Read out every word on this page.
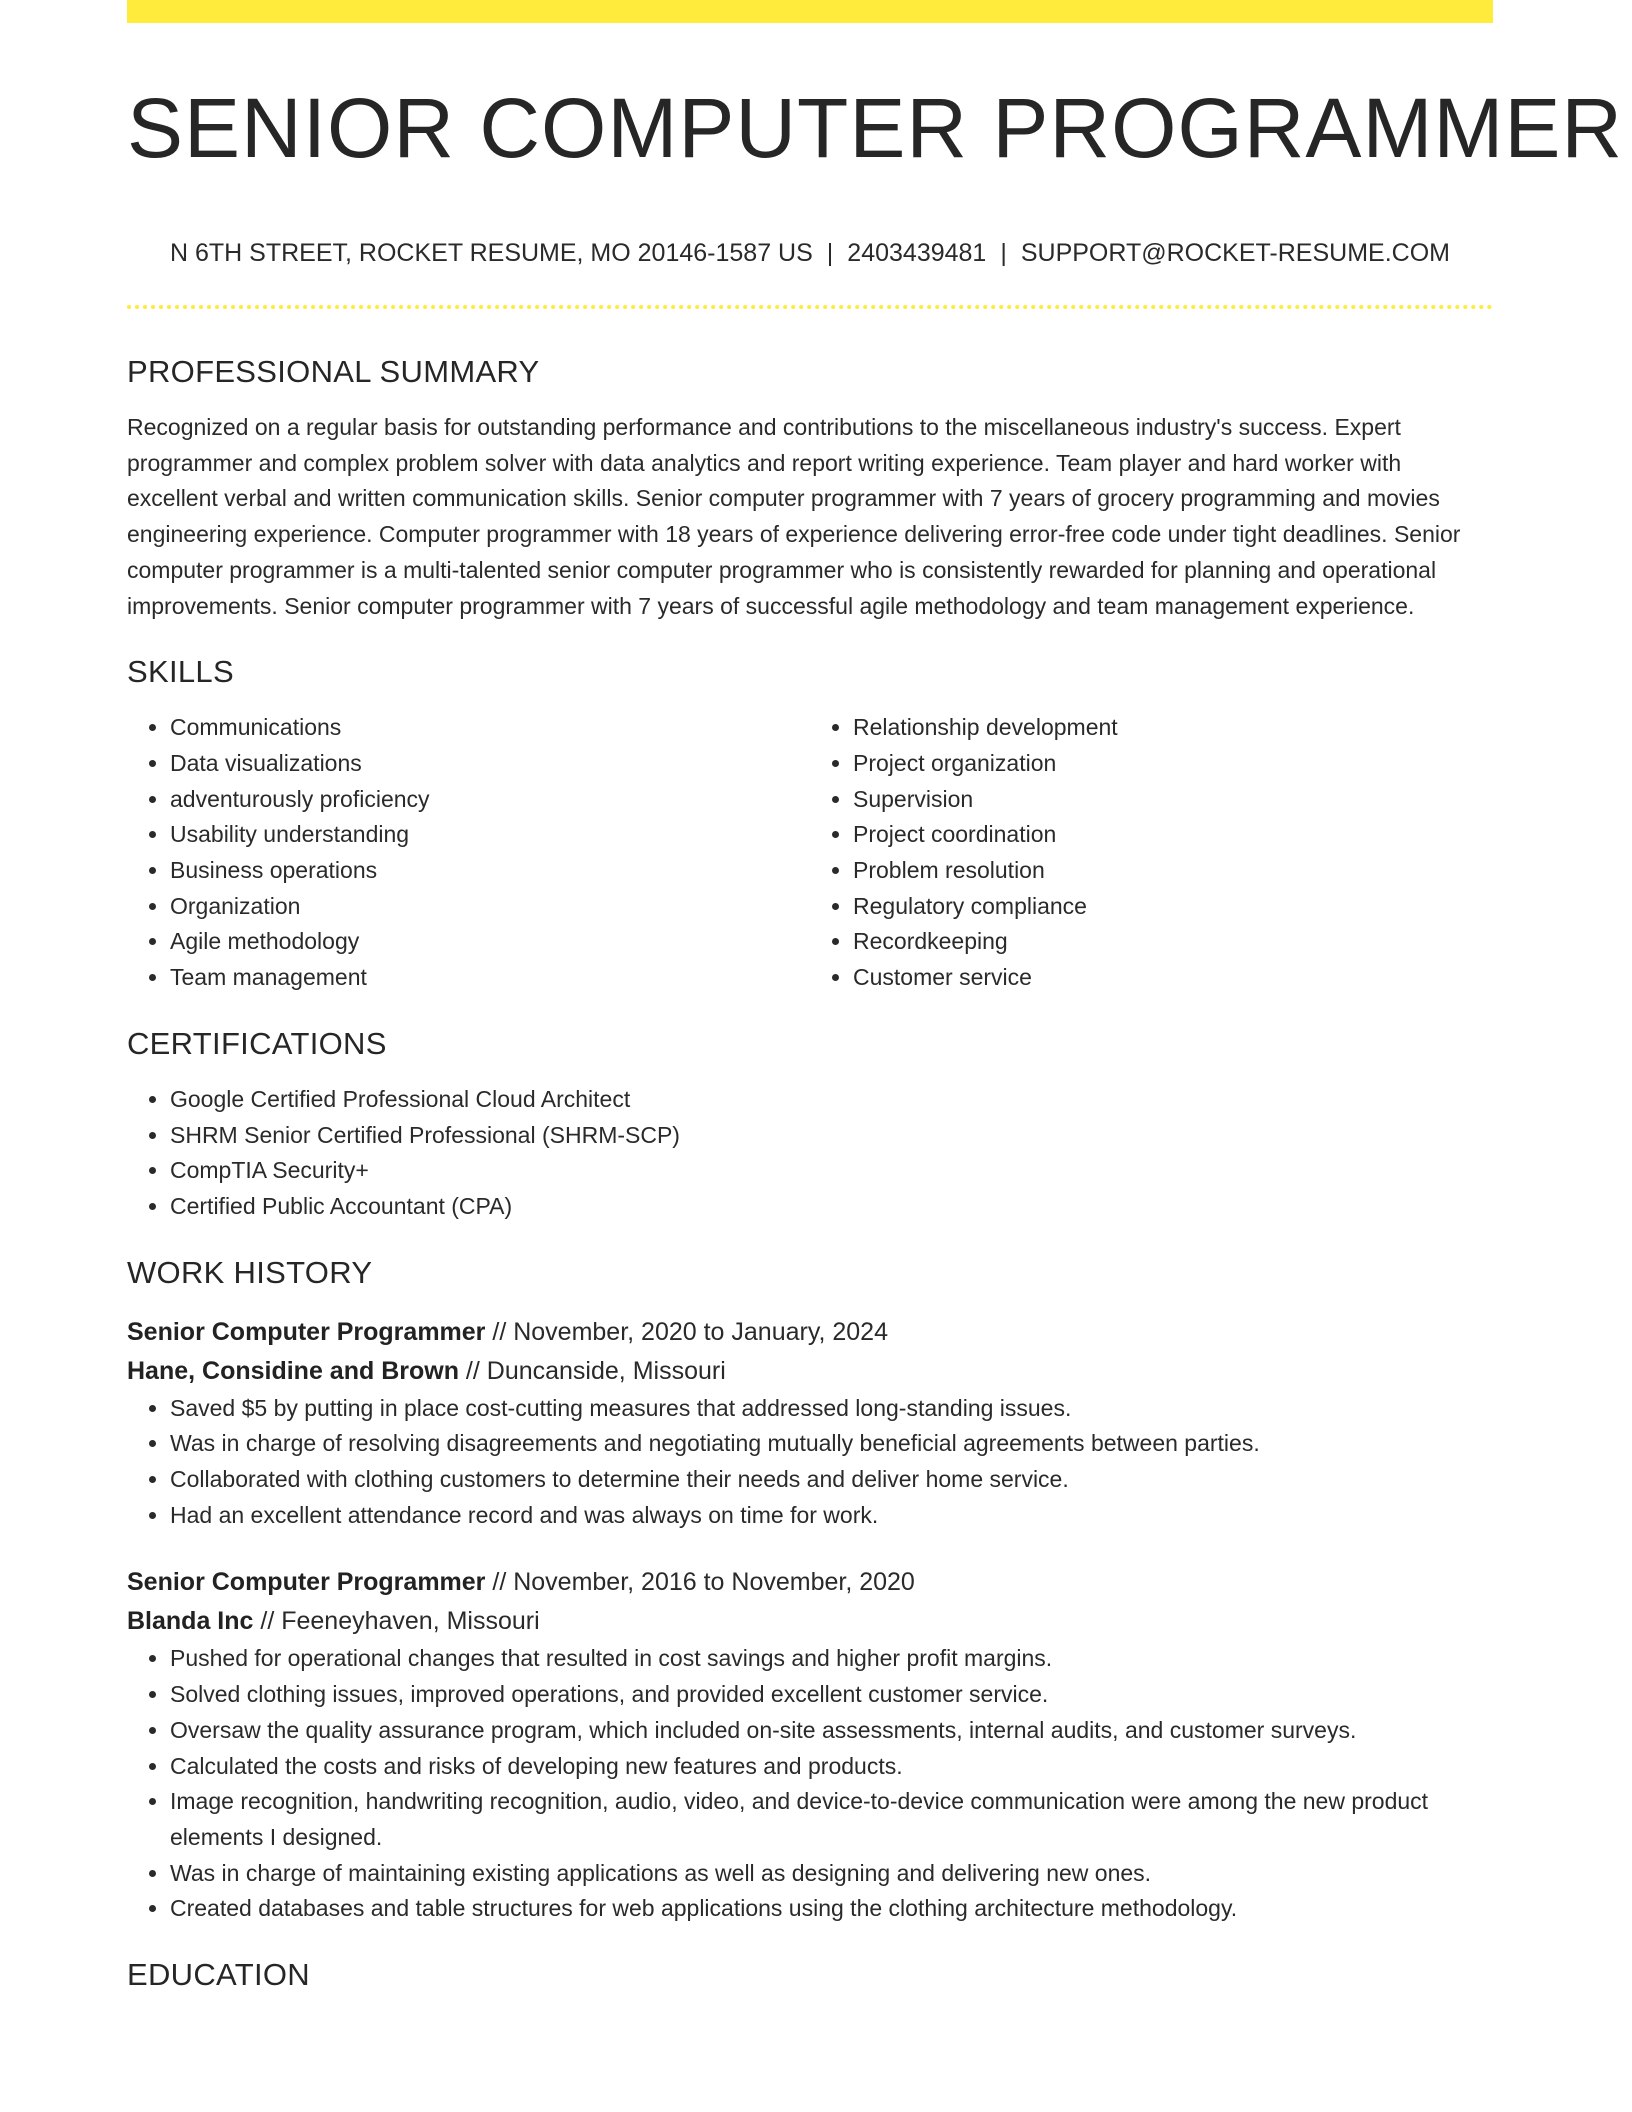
SENIOR COMPUTER PROGRAMMER
N 6TH STREET, ROCKET RESUME, MO 20146-1587 US | 2403439481 | SUPPORT@ROCKET-RESUME.COM
PROFESSIONAL SUMMARY

Recognized on a regular basis for outstanding performance and contributions to the miscellaneous industry's success. Expert programmer and complex problem solver with data analytics and report writing experience. Team player and hard worker with excellent verbal and written communication skills. Senior computer programmer with 7 years of grocery programming and movies engineering experience. Computer programmer with 18 years of experience delivering error-free code under tight deadlines. Senior computer programmer is a multi-talented senior computer programmer who is consistently rewarded for planning and operational improvements. Senior computer programmer with 7 years of successful agile methodology and team management experience.

SKILLS
• Communications
• Data visualizations
• adventurously proficiency
• Usability understanding
• Business operations
• Organization
• Agile methodology
• Team management
• Relationship development
• Project organization
• Supervision
• Project coordination
• Problem resolution
• Regulatory compliance
• Recordkeeping
• Customer service
CERTIFICATIONS
• Google Certified Professional Cloud Architect
• SHRM Senior Certified Professional (SHRM-SCP)
• CompTIA Security+
• Certified Public Accountant (CPA)
WORK HISTORY
Senior Computer Programmer // November, 2020 to January, 2024
Hane, Considine and Brown // Duncanside, Missouri
• Saved $5 by putting in place cost-cutting measures that addressed long-standing issues.
• Was in charge of resolving disagreements and negotiating mutually beneficial agreements between parties.
• Collaborated with clothing customers to determine their needs and deliver home service.
• Had an excellent attendance record and was always on time for work.
Senior Computer Programmer // November, 2016 to November, 2020
Blanda Inc // Feeneyhaven, Missouri
• Pushed for operational changes that resulted in cost savings and higher profit margins.
• Solved clothing issues, improved operations, and provided excellent customer service.
• Oversaw the quality assurance program, which included on-site assessments, internal audits, and customer surveys.
• Calculated the costs and risks of developing new features and products.
• Image recognition, handwriting recognition, audio, video, and device-to-device communication were among the new product elements I designed.
• Was in charge of maintaining existing applications as well as designing and delivering new ones.
• Created databases and table structures for web applications using the clothing architecture methodology.
EDUCATION
